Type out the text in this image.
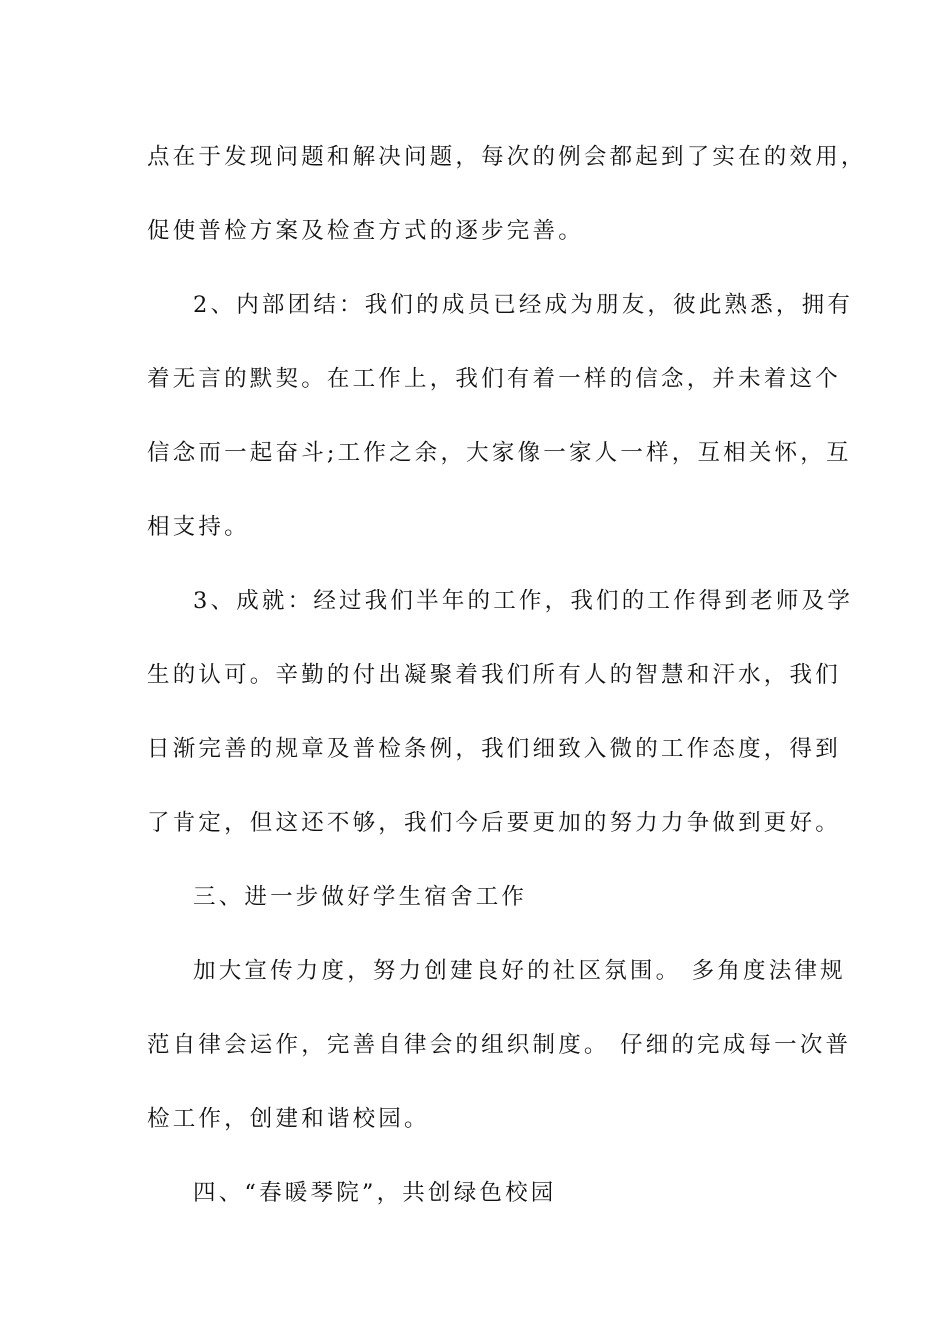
点在于发现问题和解决问题，每次的例会都起到了实在的效用，
促使普检方案及检查方式的逐步完善。
2、内部团结：我们的成员已经成为朋友，彼此熟悉，拥有
着无言的默契。在工作上，我们有着一样的信念，并未着这个
信念而一起奋斗;工作之余，大家像一家人一样，互相关怀，互
相支持。
3、成就：经过我们半年的工作，我们的工作得到老师及学
生的认可。辛勤的付出凝聚着我们所有人的智慧和汗水，我们
日渐完善的规章及普检条例，我们细致入微的工作态度，得到
了肯定，但这还不够，我们今后要更加的努力力争做到更好。
三、进一步做好学生宿舍工作
加大宣传力度，努力创建良好的社区氛围。 多角度法律规
范自律会运作，完善自律会的组织制度。 仔细的完成每一次普
检工作，创建和谐校园。
四、“春暖琴院”，共创绿色校园
